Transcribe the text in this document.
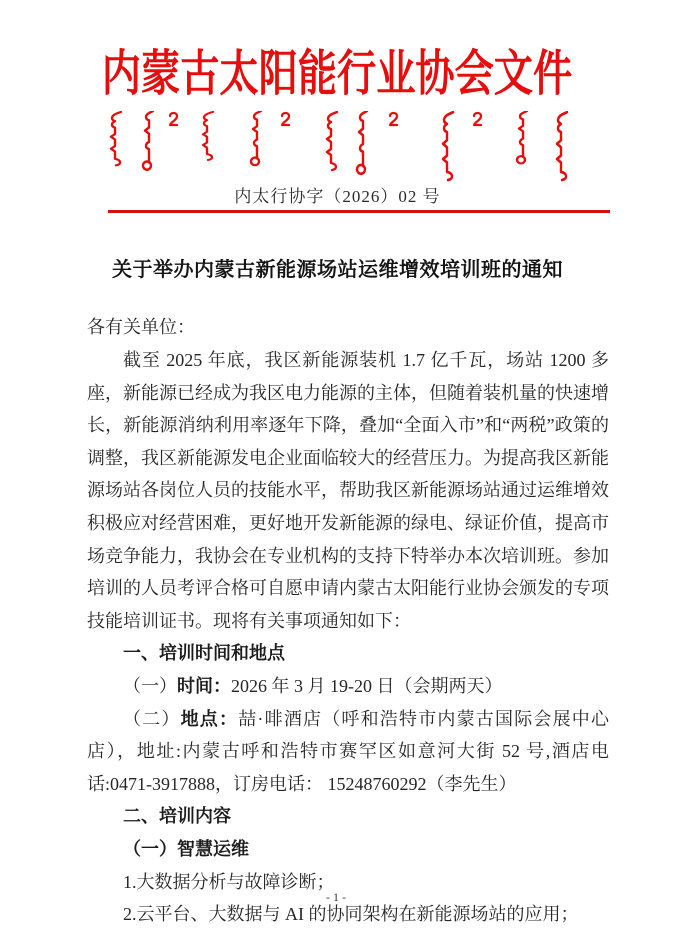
内蒙古太阳能行业协会文件
内太行协字（2026）02 号
关于举办内蒙古新能源场站运维增效培训班的通知

各有关单位：

截至 2025 年底，我区新能源装机 1.7 亿千瓦，场站 1200 多座，新能源已经成为我区电力能源的主体，但随着装机量的快速增长，新能源消纳利用率逐年下降，叠加“全面入市”和“两税”政策的调整，我区新能源发电企业面临较大的经营压力。为提高我区新能源场站各岗位人员的技能水平，帮助我区新能源场站通过运维增效积极应对经营困难，更好地开发新能源的绿电、绿证价值，提高市场竞争能力，我协会在专业机构的支持下特举办本次培训班。参加培训的人员考评合格可自愿申请内蒙古太阳能行业协会颁发的专项技能培训证书。现将有关事项通知如下：

一、培训时间和地点

（一）时间：2026 年 3 月 19-20 日（会期两天）

（二）地点：喆·啡酒店（呼和浩特市内蒙古国际会展中心店），地址:内蒙古呼和浩特市赛罕区如意河大街 52 号,酒店电话:0471-3917888，订房电话： 15248760292（李先生）

二、培训内容

（一）智慧运维

1.大数据分析与故障诊断；

2.云平台、大数据与 AI 的协同架构在新能源场站的应用；

-1-
